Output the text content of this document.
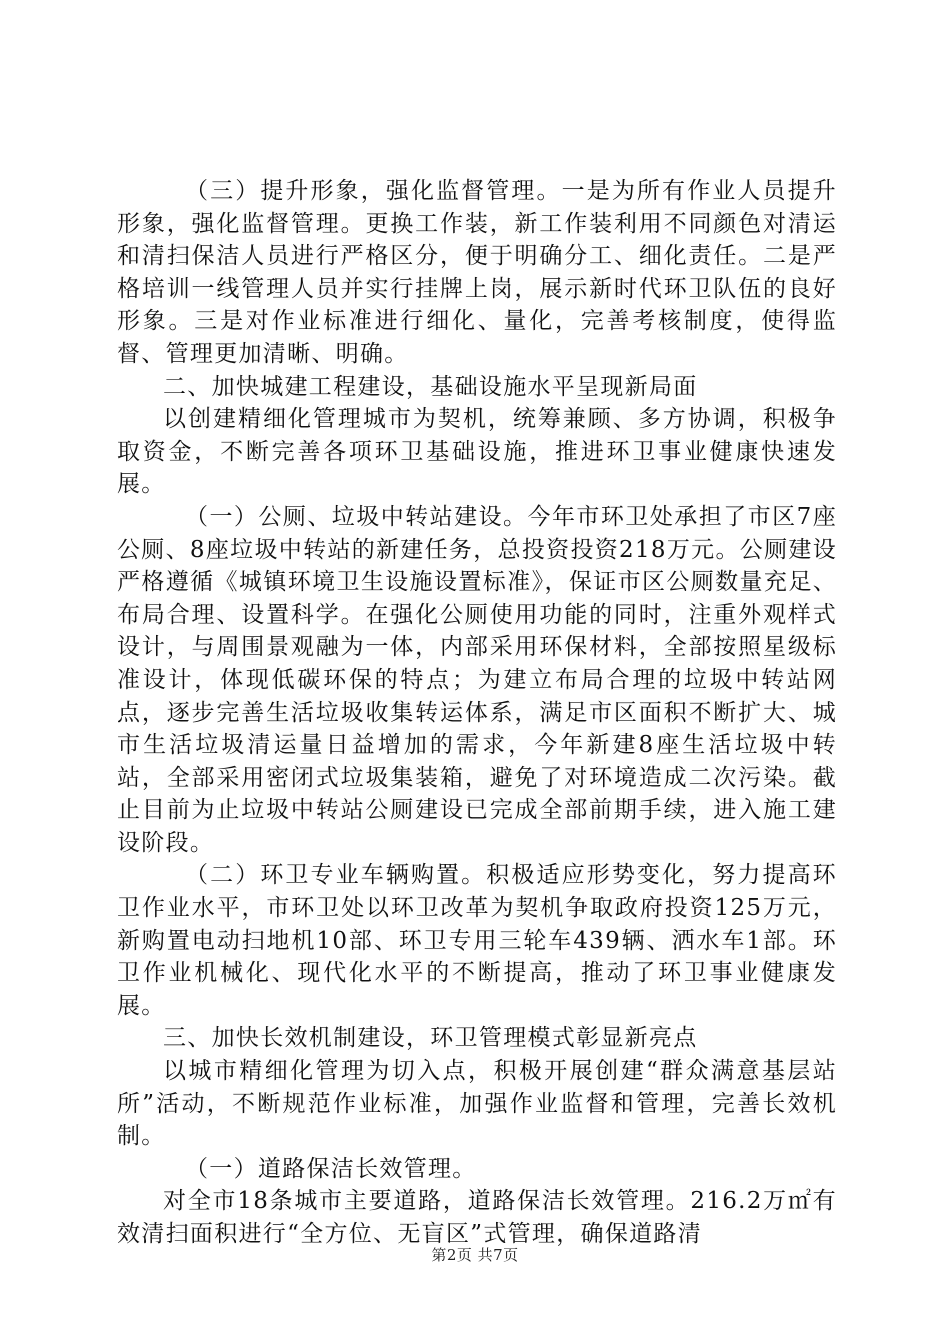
（三）提升形象，强化监督管理。一是为所有作业人员提升形象，强化监督管理。更换工作装，新工作装利用不同颜色对清运和清扫保洁人员进行严格区分，便于明确分工、细化责任。二是严格培训一线管理人员并实行挂牌上岗，展示新时代环卫队伍的良好形象。三是对作业标准进行细化、量化，完善考核制度，使得监督、管理更加清晰、明确。

二、加快城建工程建设，基础设施水平呈现新局面

以创建精细化管理城市为契机，统筹兼顾、多方协调，积极争取资金，不断完善各项环卫基础设施，推进环卫事业健康快速发展。

（一）公厕、垃圾中转站建设。今年市环卫处承担了市区7座公厕、8座垃圾中转站的新建任务，总投资投资218万元。公厕建设严格遵循《城镇环境卫生设施设置标准》，保证市区公厕数量充足、布局合理、设置科学。在强化公厕使用功能的同时，注重外观样式设计，与周围景观融为一体，内部采用环保材料，全部按照星级标准设计，体现低碳环保的特点；为建立布局合理的垃圾中转站网点，逐步完善生活垃圾收集转运体系，满足市区面积不断扩大、城市生活垃圾清运量日益增加的需求，今年新建8座生活垃圾中转站，全部采用密闭式垃圾集装箱，避免了对环境造成二次污染。截止目前为止垃圾中转站公厕建设已完成全部前期手续，进入施工建设阶段。

（二）环卫专业车辆购置。积极适应形势变化，努力提高环卫作业水平，市环卫处以环卫改革为契机争取政府投资125万元，新购置电动扫地机10部、环卫专用三轮车439辆、洒水车1部。环卫作业机械化、现代化水平的不断提高，推动了环卫事业健康发展。

三、加快长效机制建设，环卫管理模式彰显新亮点

以城市精细化管理为切入点，积极开展创建“群众满意基层站所”活动，不断规范作业标准，加强作业监督和管理，完善长效机制。

（一）道路保洁长效管理。

对全市18条城市主要道路，道路保洁长效管理。216.2万㎡有效清扫面积进行“全方位、无盲区”式管理，确保道路清

第2页 共7页
